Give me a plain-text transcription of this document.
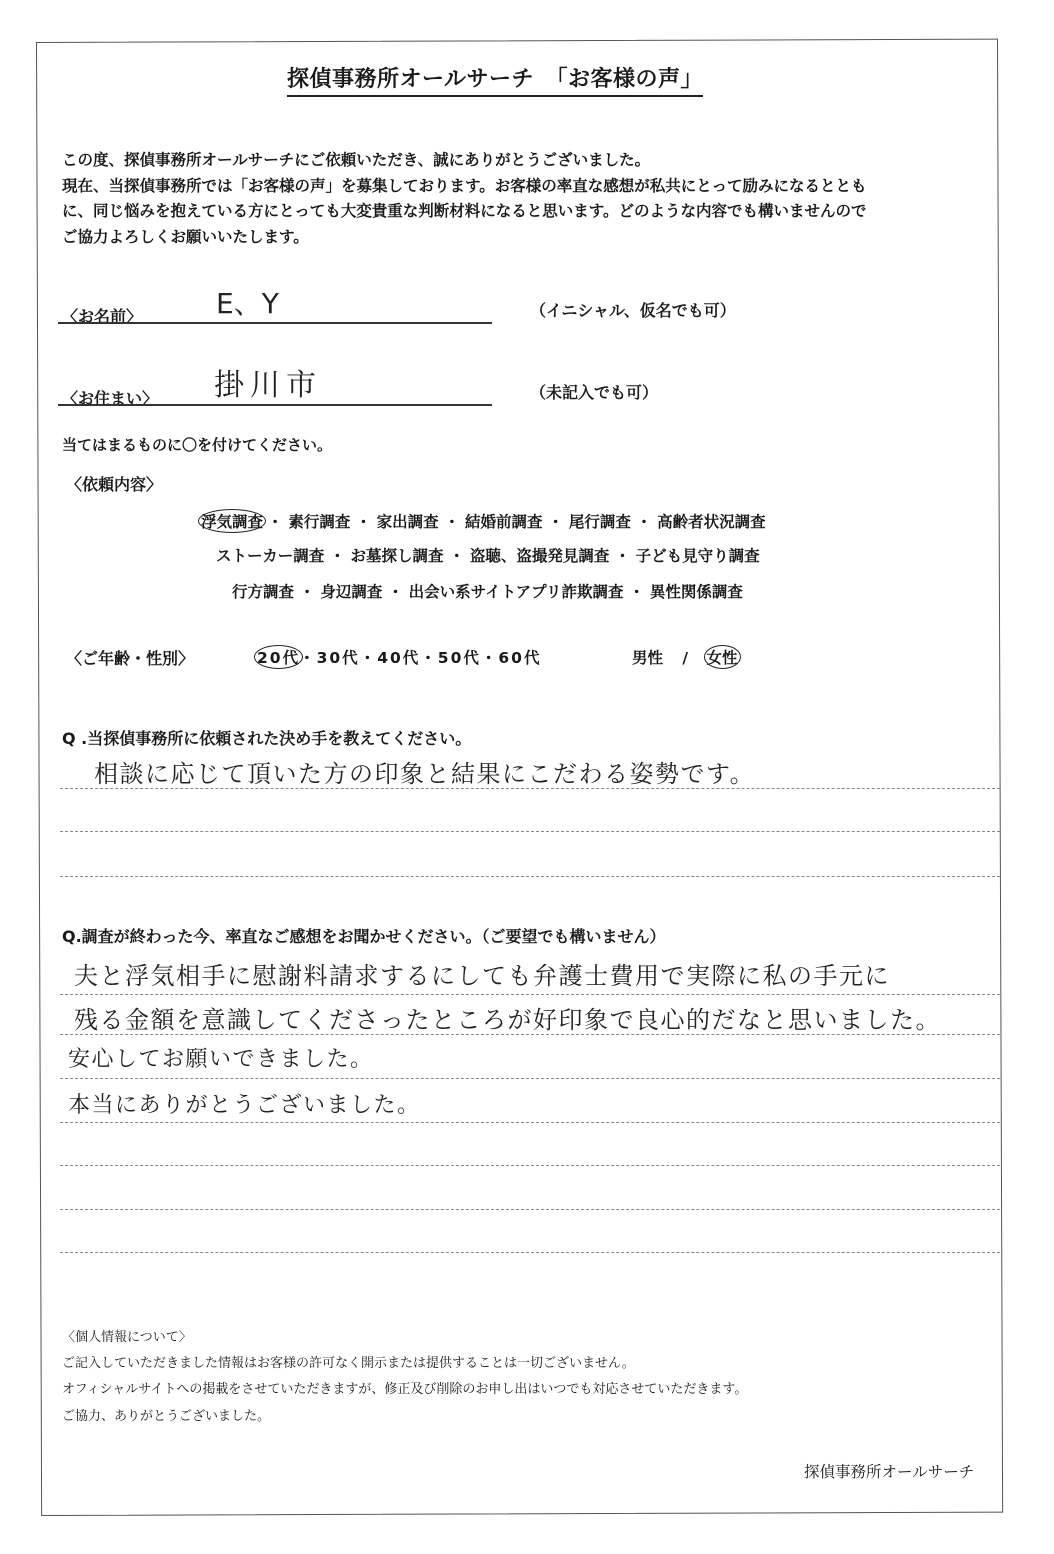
探偵事務所オールサーチ　「お客様の声」
この度、探偵事務所オールサーチにご依頼いただき、誠にありがとうございました。
現在、当探偵事務所では「お客様の声」を募集しております。お客様の率直な感想が私共にとって励みになるととも
に、同じ悩みを抱えている方にとっても大変貴重な判断材料になると思います。どのような内容でも構いませんので
ご協力よろしくお願いいたします。
〈お名前〉	E、Y	（イニシャル、仮名でも可）
〈お住まい〉 掛川市	（未記入でも可）
当てはまるものに〇を付けてください。
〈依頼内容〉
浮気調査 ・ 素行調査 ・ 家出調査 ・ 結婚前調査 ・ 尾行調査 ・ 高齢者状況調査
ストーカー調査 ・ お墓探し調査 ・ 盗聴、盗撮発見調査 ・ 子ども見守り調査
行方調査 ・ 身辺調査 ・ 出会い系サイトアプリ詐欺調査 ・ 異性関係調査
〈ご年齢・性別〉	20代・30代・40代・50代・60代	男性 / 女性
Q .当探偵事務所に依頼された決め手を教えてください。
相談に応じて頂いた方の印象と結果にこだわる姿勢です。
Q.調査が終わった今、率直なご感想をお聞かせください。（ご要望でも構いません）
夫と浮気相手に慰謝料請求するにしても弁護士費用で実際に私の手元に
残る金額を意識してくださったところが好印象で良心的だなと思いました。
安心してお願いできました。
本当にありがとうございました。
〈個人情報について〉
ご記入していただきました情報はお客様の許可なく開示または提供することは一切ございません。
オフィシャルサイトへの掲載をさせていただきますが、修正及び削除のお申し出はいつでも対応させていただきます。
ご協力、ありがとうございました。
探偵事務所オールサーチ
